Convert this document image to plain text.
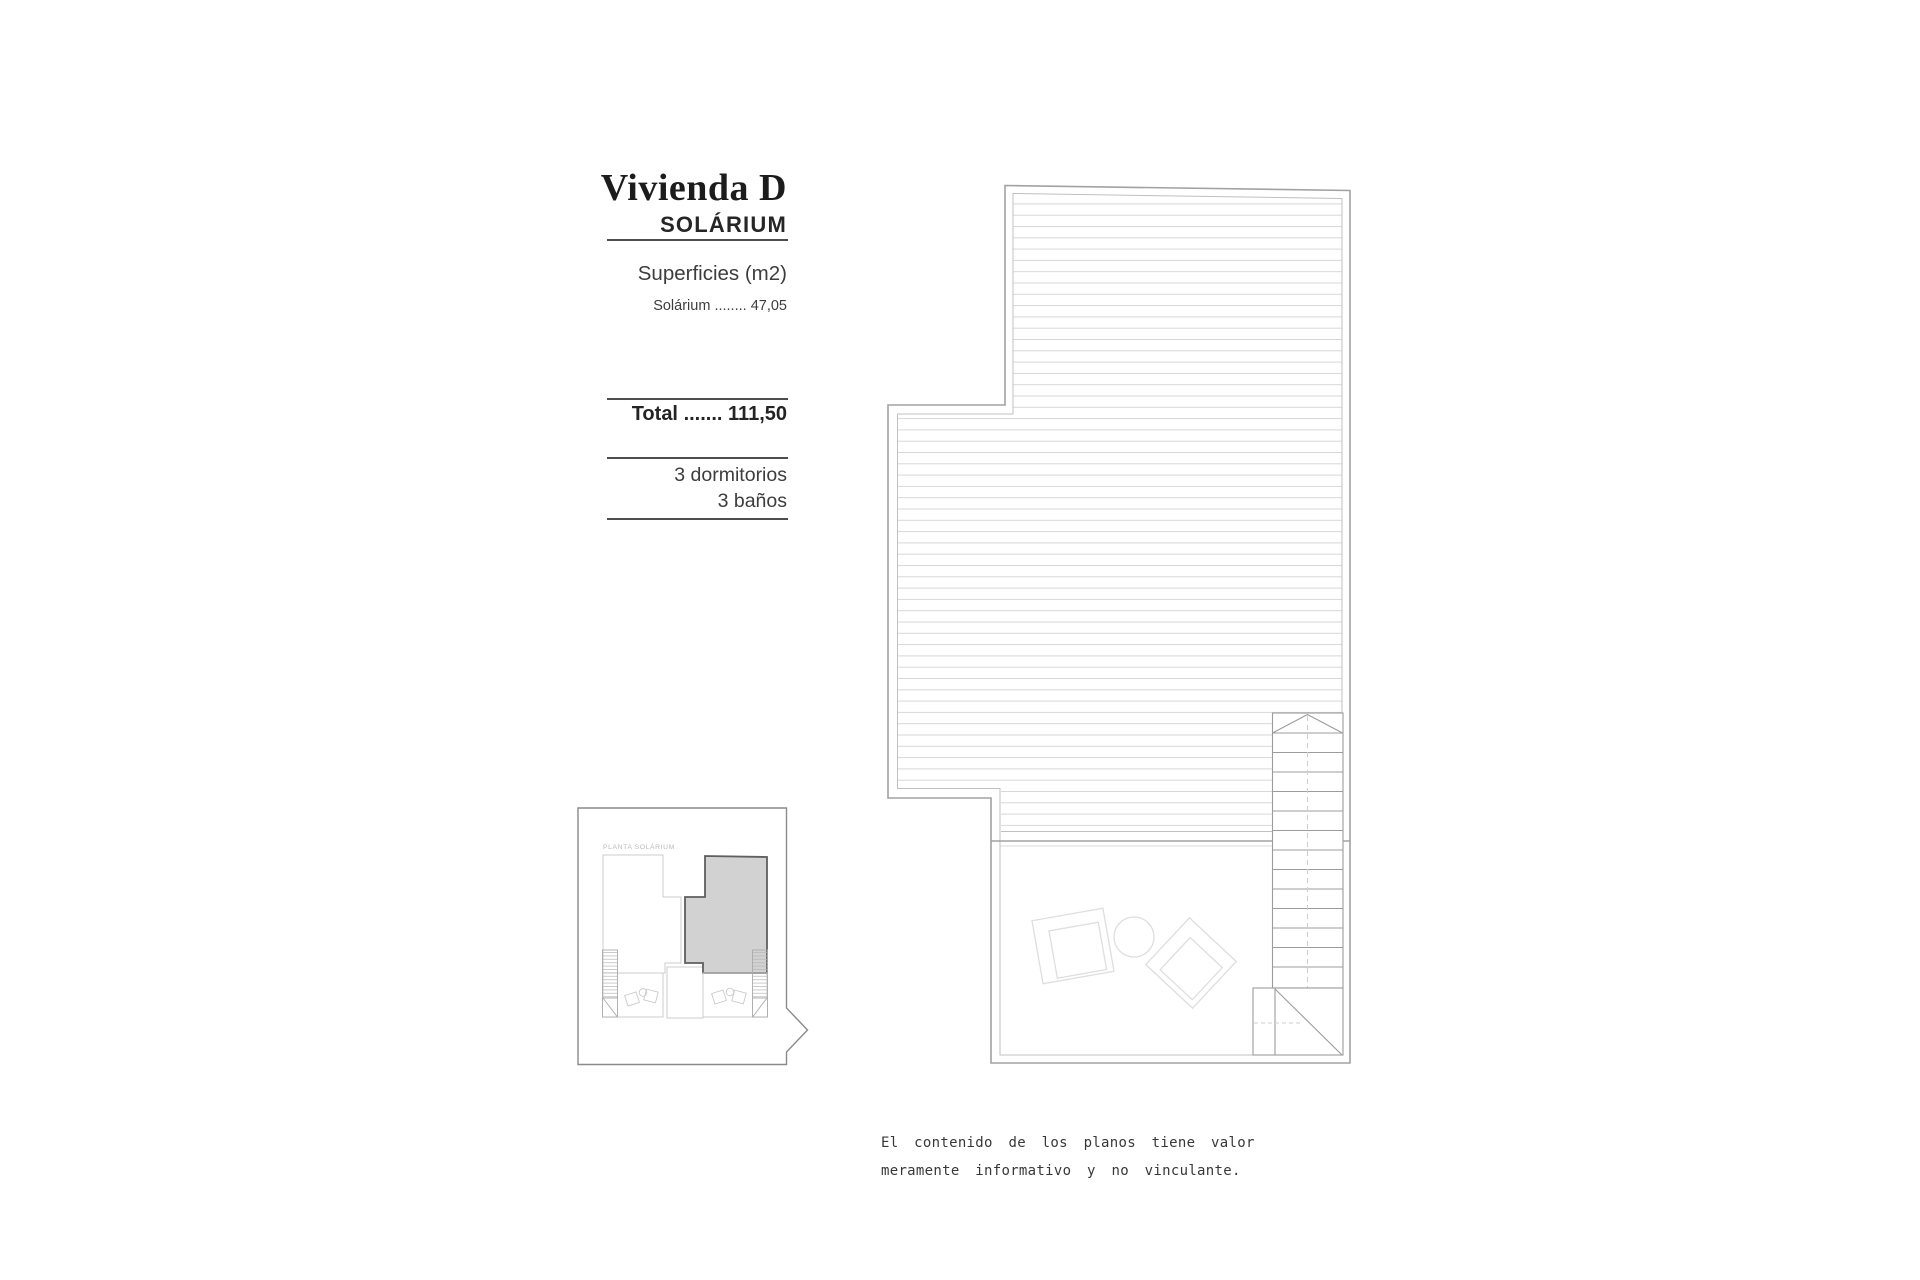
Vivienda D
SOLÁRIUM
Superficies (m2)
Solárium ........ 47,05
Total ....... 111,50
3 dormitorios
3 baños
PLANTA SOLÁRIUM
El contenido de los planos tiene valor
meramente informativo y no vinculante.
